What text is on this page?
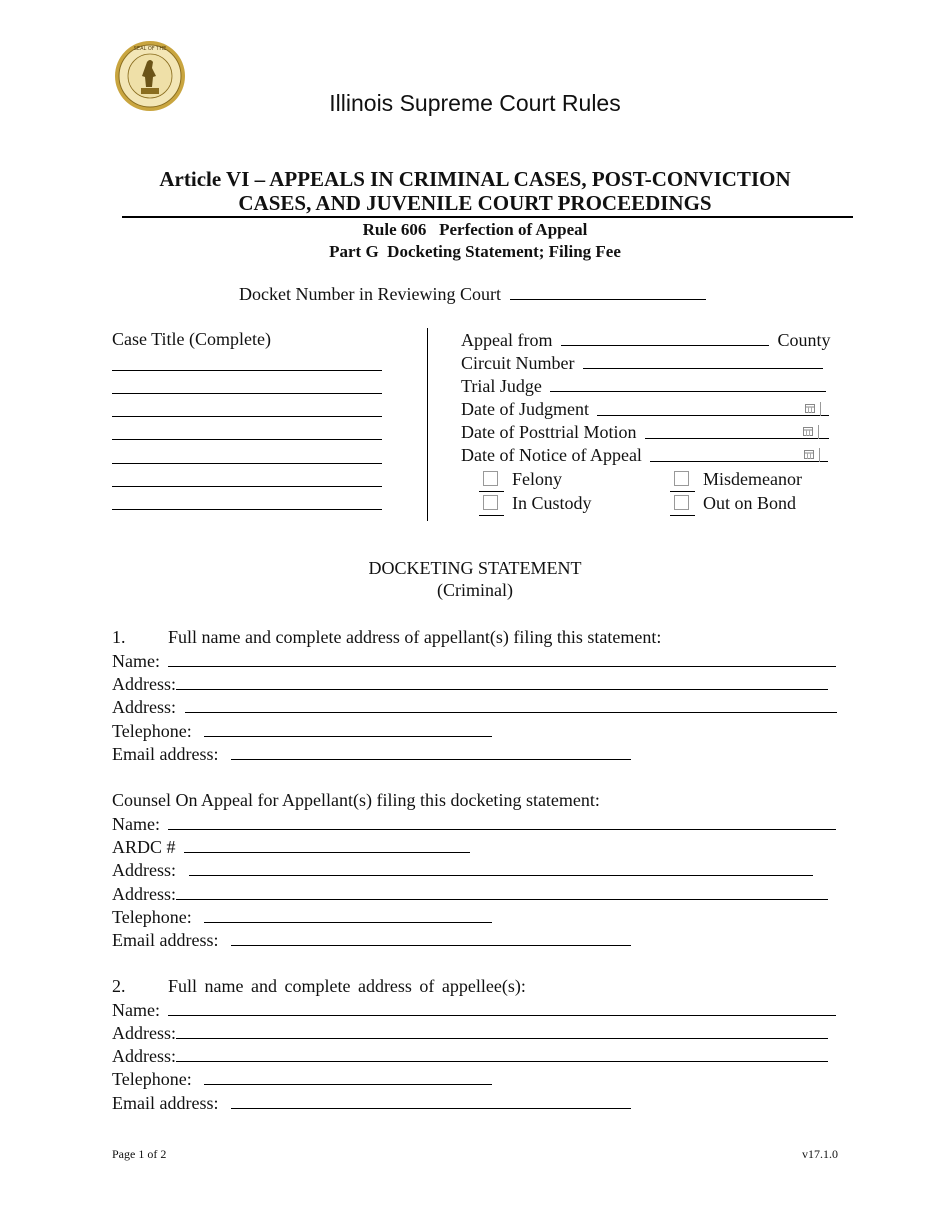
SEAL OF THE
Illinois Supreme Court Rules
Article VI – APPEALS IN CRIMINAL CASES, POST-CONVICTION
CASES, AND JUVENILE COURT PROCEEDINGS
Rule 606   Perfection of Appeal
Part G  Docketing Statement; Filing Fee
Docket Number in Reviewing Court
Case Title (Complete)	Appeal from	County
Circuit Number
Trial Judge
Date of Judgment
Date of Posttrial Motion
Date of Notice of Appeal
Felony	Misdemeanor
In Custody	Out on Bond
DOCKETING STATEMENT
(Criminal)
1. Full name and complete address of appellant(s) filing this statement:
Name:
Address:
Address:
Telephone:
Email address:
Counsel On Appeal for Appellant(s) filing this docketing statement:
Name:
ARDC #
Address:
Address:
Telephone:
Email address:
2. Full name and complete address of appellee(s):
Name:
Address:
Address:
Telephone:
Email address:
Page 1 of 2	v17.1.0
